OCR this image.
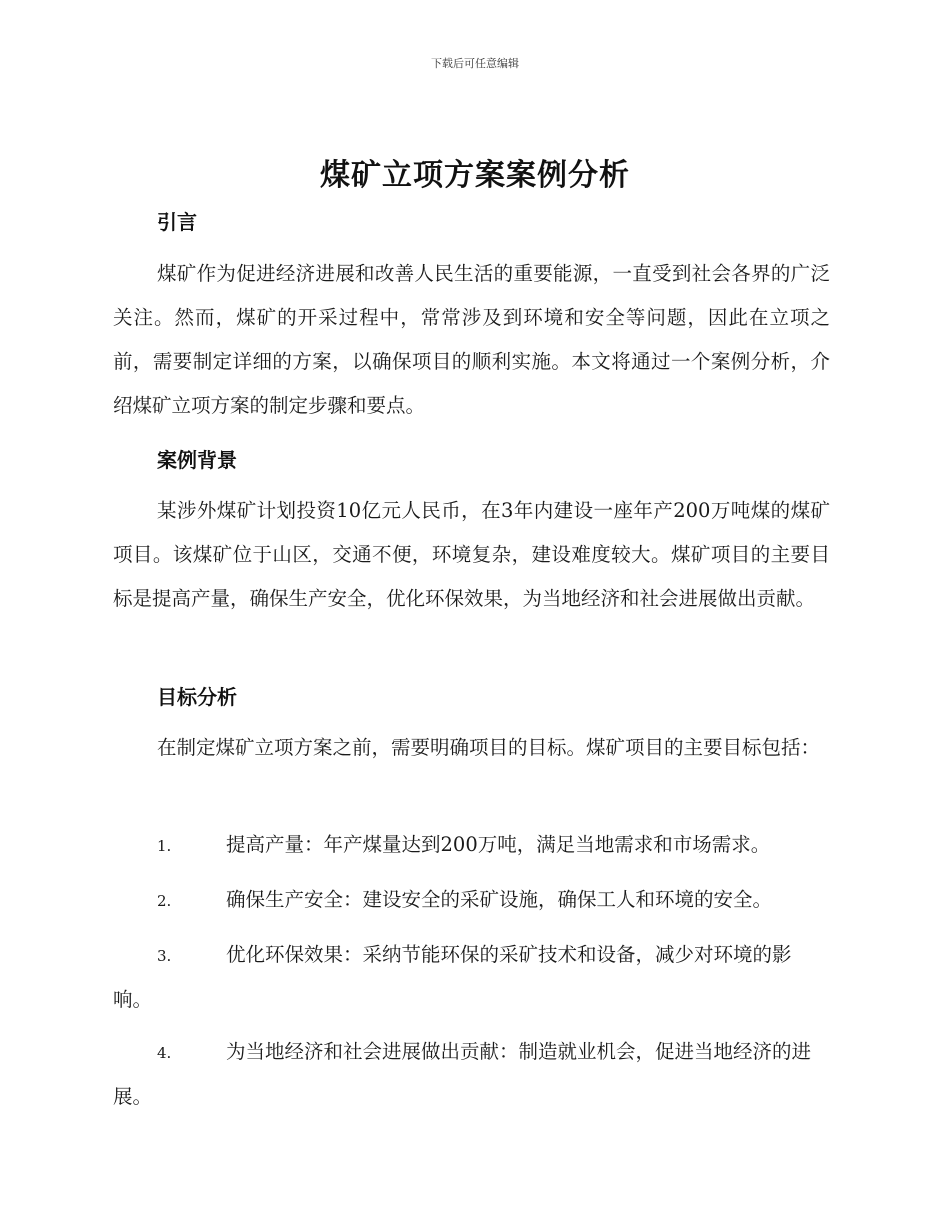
下载后可任意编辑
煤矿立项方案案例分析
引言
煤矿作为促进经济进展和改善人民生活的重要能源，一直受到社会各界的广泛关注。然而，煤矿的开采过程中，常常涉及到环境和安全等问题，因此在立项之前，需要制定详细的方案，以确保项目的顺利实施。本文将通过一个案例分析，介绍煤矿立项方案的制定步骤和要点。
案例背景
某涉外煤矿计划投资10亿元人民币，在3年内建设一座年产200万吨煤的煤矿项目。该煤矿位于山区，交通不便，环境复杂，建设难度较大。煤矿项目的主要目标是提高产量，确保生产安全，优化环保效果，为当地经济和社会进展做出贡献。
目标分析
在制定煤矿立项方案之前，需要明确项目的目标。煤矿项目的主要目标包括：
1.	提高产量：年产煤量达到200万吨，满足当地需求和市场需求。
2.	确保生产安全：建设安全的采矿设施，确保工人和环境的安全。
3.	优化环保效果：采纳节能环保的采矿技术和设备，减少对环境的影响。
4.	为当地经济和社会进展做出贡献：制造就业机会，促进当地经济的进展。
